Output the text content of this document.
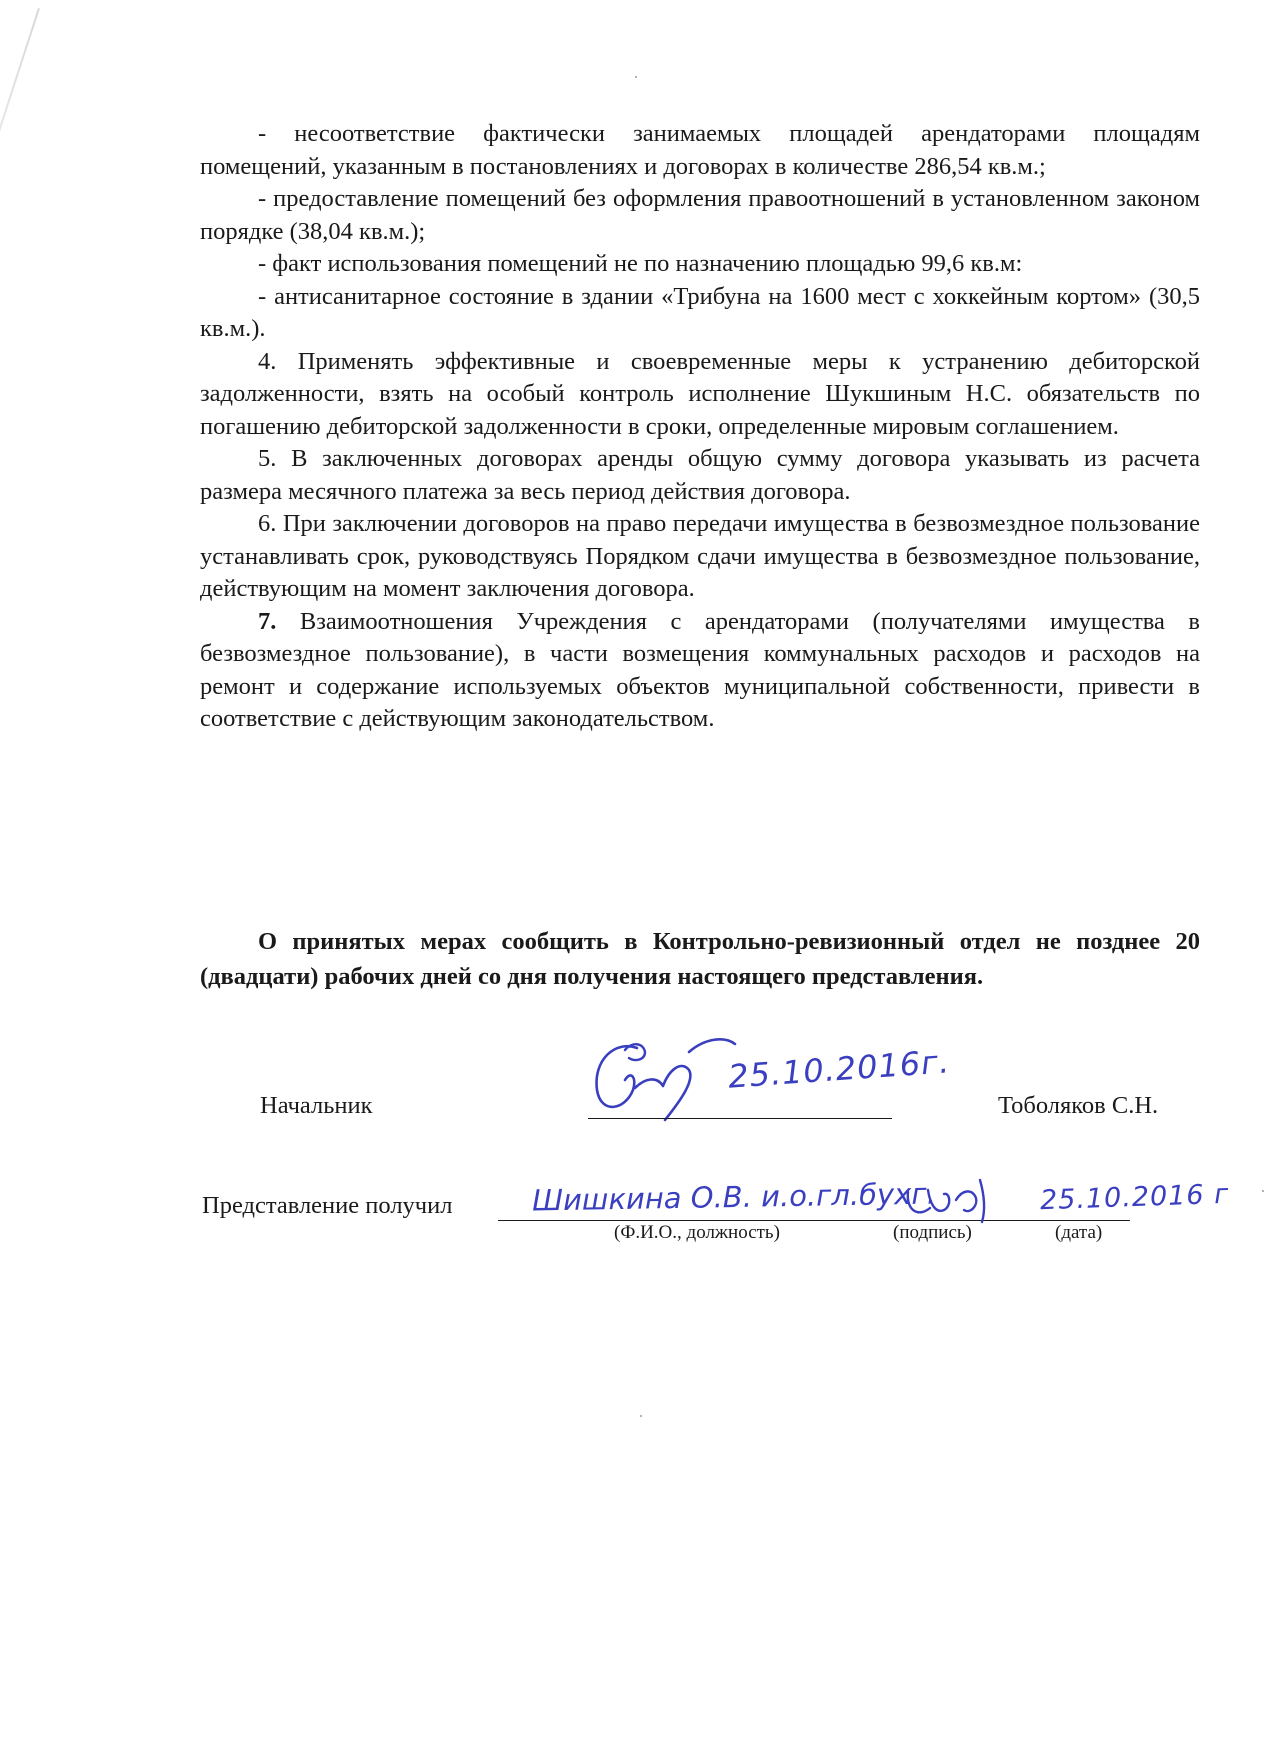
- несоответствие фактически занимаемых площадей арендаторами площадям помещений, указанным в постановлениях и договорах в количестве 286,54 кв.м.;

- предоставление помещений без оформления правоотношений в установленном законом порядке (38,04 кв.м.);

- факт использования помещений не по назначению площадью 99,6 кв.м:

- антисанитарное состояние в здании «Трибуна на 1600 мест с хоккейным кортом» (30,5 кв.м.).

4. Применять эффективные и своевременные меры к устранению дебиторской задолженности, взять на особый контроль исполнение Шукшиным Н.С. обязательств по погашению дебиторской задолженности в сроки, определенные мировым соглашением.

5. В заключенных договорах аренды общую сумму договора указывать из расчета размера месячного платежа за весь период действия договора.

6. При заключении договоров на право передачи имущества в безвозмездное пользование устанавливать срок, руководствуясь Порядком сдачи имущества в безвозмездное пользование, действующим на момент заключения договора.

7. Взаимоотношения Учреждения с арендаторами (получателями имущества в безвозмездное пользование), в части возмещения коммунальных расходов и расходов на ремонт и содержание используемых объектов муниципальной собственности, привести в соответствие с действующим законодательством.

О принятых мерах сообщить в Контрольно-ревизионный отдел не позднее 20 (двадцати) рабочих дней со дня получения настоящего представления.

Начальник
25.10.2016г.
Тоболяков С.Н.
Представление получил	Шишкина О.В. и.о.гл.бухг.	25.10.2016 г
(Ф.И.О., должность)	(подпись)	(дата)
